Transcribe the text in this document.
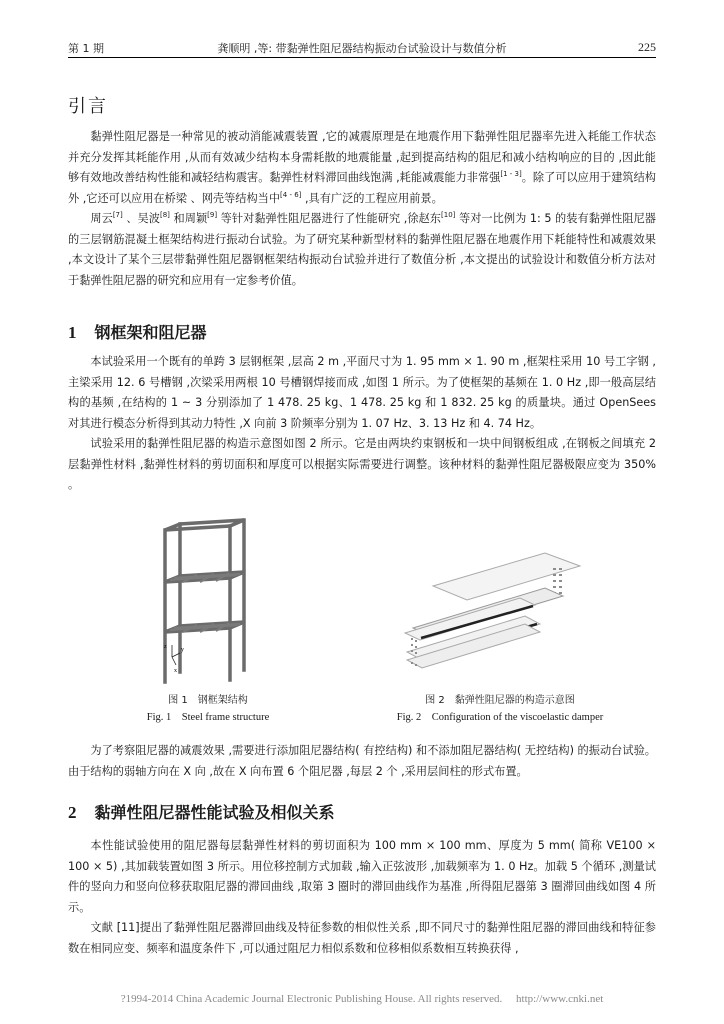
第 1 期	龚顺明 ,等: 带黏弹性阻尼器结构振动台试验设计与数值分析	225
引言

黏弹性阻尼器是一种常见的被动消能减震装置 ,它的减震原理是在地震作用下黏弹性阻尼器率先进入耗能工作状态并充分发挥其耗能作用 ,从而有效减少结构本身需耗散的地震能量 ,起到提高结构的阻尼和减小结构响应的目的 ,因此能够有效地改善结构性能和减轻结构震害。黏弹性材料滞回曲线饱满 ,耗能减震能力非常强[1 - 3]。除了可以应用于建筑结构外 ,它还可以应用在桥梁 、网壳等结构当中[4 - 6] ,具有广泛的工程应用前景。

周云[7] 、吴波[8] 和周颖[9] 等针对黏弹性阻尼器进行了性能研究 ,徐赵东[10] 等对一比例为 1: 5 的装有黏弹性阻尼器的三层钢筋混凝土框架结构进行振动台试验。为了研究某种新型材料的黏弹性阻尼器在地震作用下耗能特性和减震效果 ,本文设计了某个三层带黏弹性阻尼器钢框架结构振动台试验并进行了数值分析 ,本文提出的试验设计和数值分析方法对于黏弹性阻尼器的研究和应用有一定参考价值。

1 钢框架和阻尼器

本试验采用一个既有的单跨 3 层钢框架 ,层高 2 m ,平面尺寸为 1. 95 mm × 1. 90 m ,框架柱采用 10 号工字钢 ,主梁采用 12. 6 号槽钢 ,次梁采用两根 10 号槽钢焊接而成 ,如图 1 所示。为了使框架的基频在 1. 0 Hz ,即一般高层结构的基频 ,在结构的 1 ~ 3 分别添加了 1 478. 25 kg、1 478. 25 kg 和 1 832. 25 kg 的质量块。通过 OpenSees 对其进行模态分析得到其动力特性 ,X 向前 3 阶频率分别为 1. 07 Hz、3. 13 Hz 和 4. 74 Hz。

试验采用的黏弹性阻尼器的构造示意图如图 2 所示。它是由两块约束钢板和一块中间钢板组成 ,在钢板之间填充 2 层黏弹性材料 ,黏弹性材料的剪切面积和厚度可以根据实际需要进行调整。该种材料的黏弹性阻尼器极限应变为 350% 。

y
z
x
图 1　钢框架结构
Fig. 1　Steel frame structure
图 2　黏弹性阻尼器的构造示意图
Fig. 2　Configuration of the viscoelastic damper

为了考察阻尼器的减震效果 ,需要进行添加阻尼器结构( 有控结构) 和不添加阻尼器结构( 无控结构) 的振动台试验。由于结构的弱轴方向在 X 向 ,故在 X 向布置 6 个阻尼器 ,每层 2 个 ,采用层间柱的形式布置。

2 黏弹性阻尼器性能试验及相似关系

本性能试验使用的阻尼器每层黏弹性材料的剪切面积为 100 mm × 100 mm、厚度为 5 mm( 简称 VE100 × 100 × 5) ,其加载装置如图 3 所示。用位移控制方式加载 ,输入正弦波形 ,加载频率为 1. 0 Hz。加载 5 个循环 ,测量试件的竖向力和竖向位移获取阻尼器的滞回曲线 ,取第 3 圈时的滞回曲线作为基准 ,所得阻尼器第 3 圈滞回曲线如图 4 所示。

文献 [11]提出了黏弹性阻尼器滞回曲线及特征参数的相似性关系 ,即不同尺寸的黏弹性阻尼器的滞回曲线和特征参数在相同应变、频率和温度条件下 ,可以通过阻尼力相似系数和位移相似系数相互转换获得 ,

?1994-2014 China Academic Journal Electronic Publishing House. All rights reserved.　 http://www.cnki.net
